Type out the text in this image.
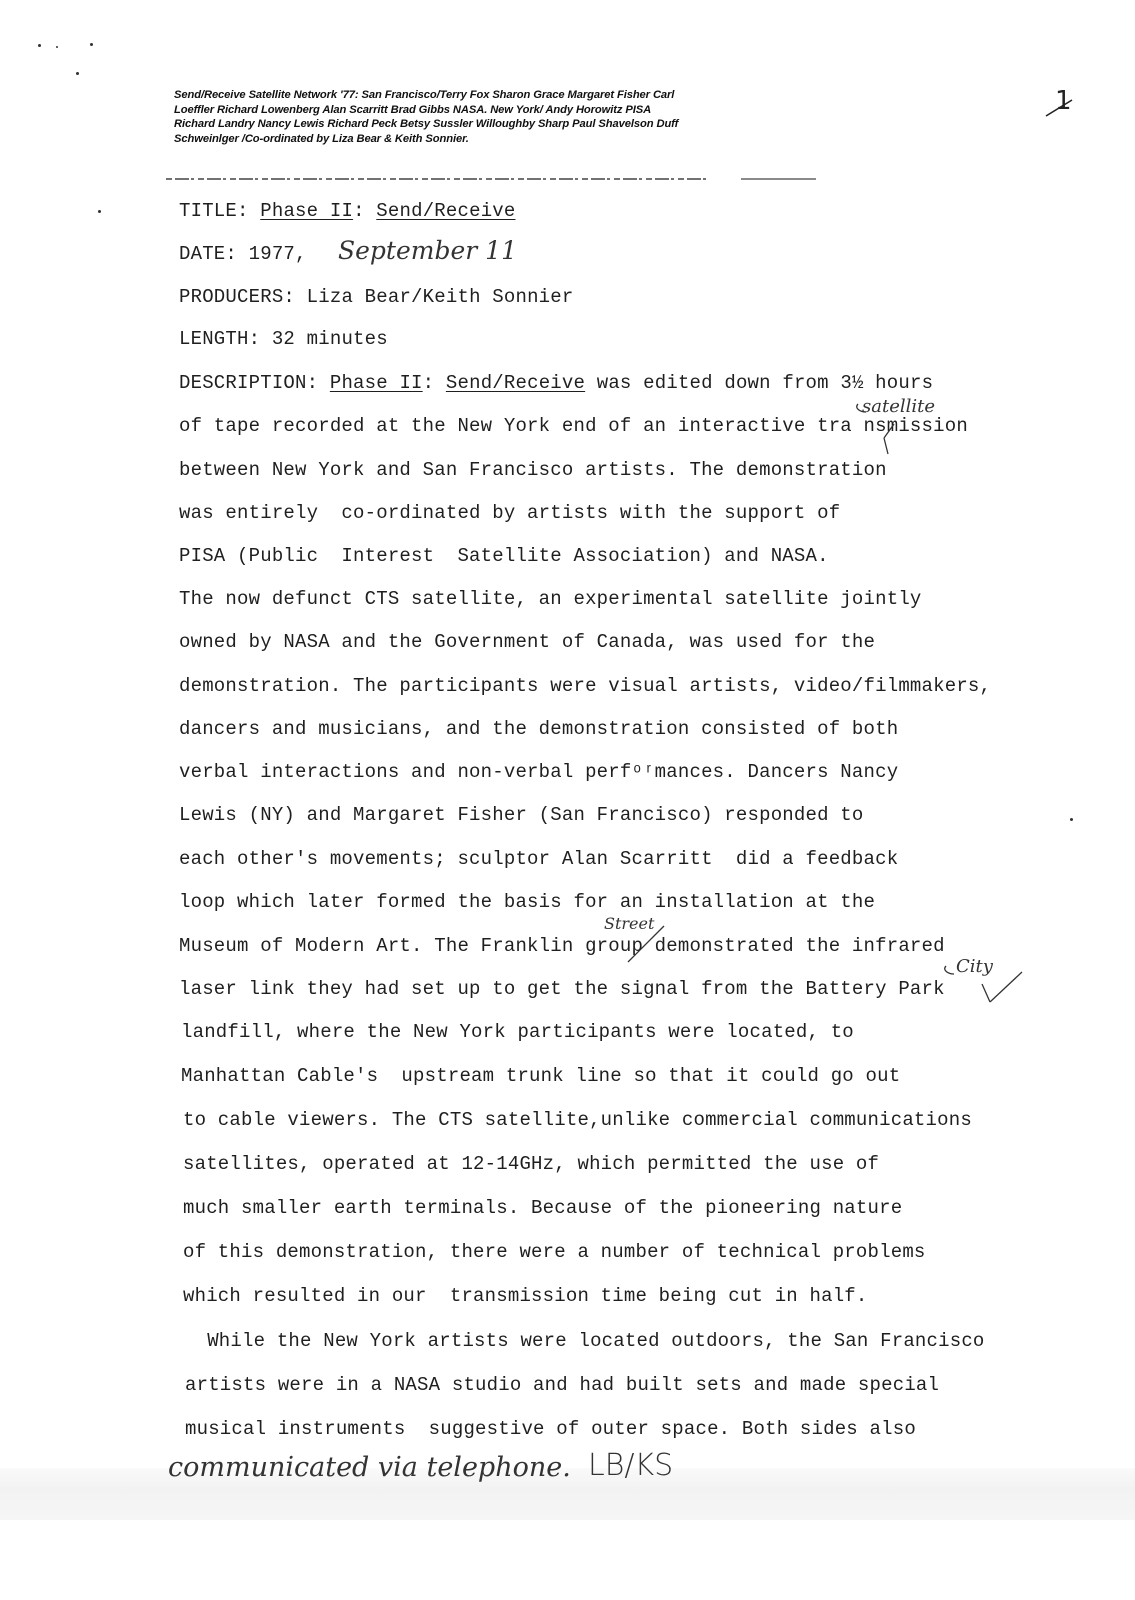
Send/Receive Satellite Network '77: San Francisco/Terry Fox Sharon Grace Margaret Fisher Carl
Loeffler Richard Lowenberg Alan Scarritt Brad Gibbs NASA. New York/ Andy Horowitz PISA
Richard Landry Nancy Lewis Richard Peck Betsy Sussler Willoughby Sharp Paul Shavelson Duff
Schweinlger /Co-ordinated by Liza Bear & Keith Sonnier.
1
TITLE: Phase II: Send/Receive
DATE: 1977, September 11
PRODUCERS: Liza Bear/Keith Sonnier
LENGTH: 32 minutes
DESCRIPTION: Phase II: Send/Receive was edited down from 3½ hours
of tape recorded at the New York end of an interactive tra nsmission
between New York and San Francisco artists. The demonstration
was entirely  co-ordinated by artists with the support of
PISA (Public  Interest  Satellite Association) and NASA.
The now defunct CTS satellite, an experimental satellite jointly
owned by NASA and the Government of Canada, was used for the
demonstration. The participants were visual artists, video/filmmakers,
dancers and musicians, and the demonstration consisted of both
verbal interactions and non-verbal perfᵒʳmances. Dancers Nancy
Lewis (NY) and Margaret Fisher (San Francisco) responded to
each other's movements; sculptor Alan Scarritt  did a feedback
loop which later formed the basis for an installation at the
Museum of Modern Art. The Franklin group demonstrated the infrared
laser link they had set up to get the signal from the Battery Park
landfill, where the New York participants were located, to
Manhattan Cable's  upstream trunk line so that it could go out
to cable viewers. The CTS satellite,unlike commercial communications
satellites, operated at 12-14GHz, which permitted the use of
much smaller earth terminals. Because of the pioneering nature
of this demonstration, there were a number of technical problems
which resulted in our  transmission time being cut in half.
While the New York artists were located outdoors, the San Francisco
artists were in a NASA studio and had built sets and made special
musical instruments  suggestive of outer space. Both sides also
satellite
Street
City
communicated via telephone. LB/KS
